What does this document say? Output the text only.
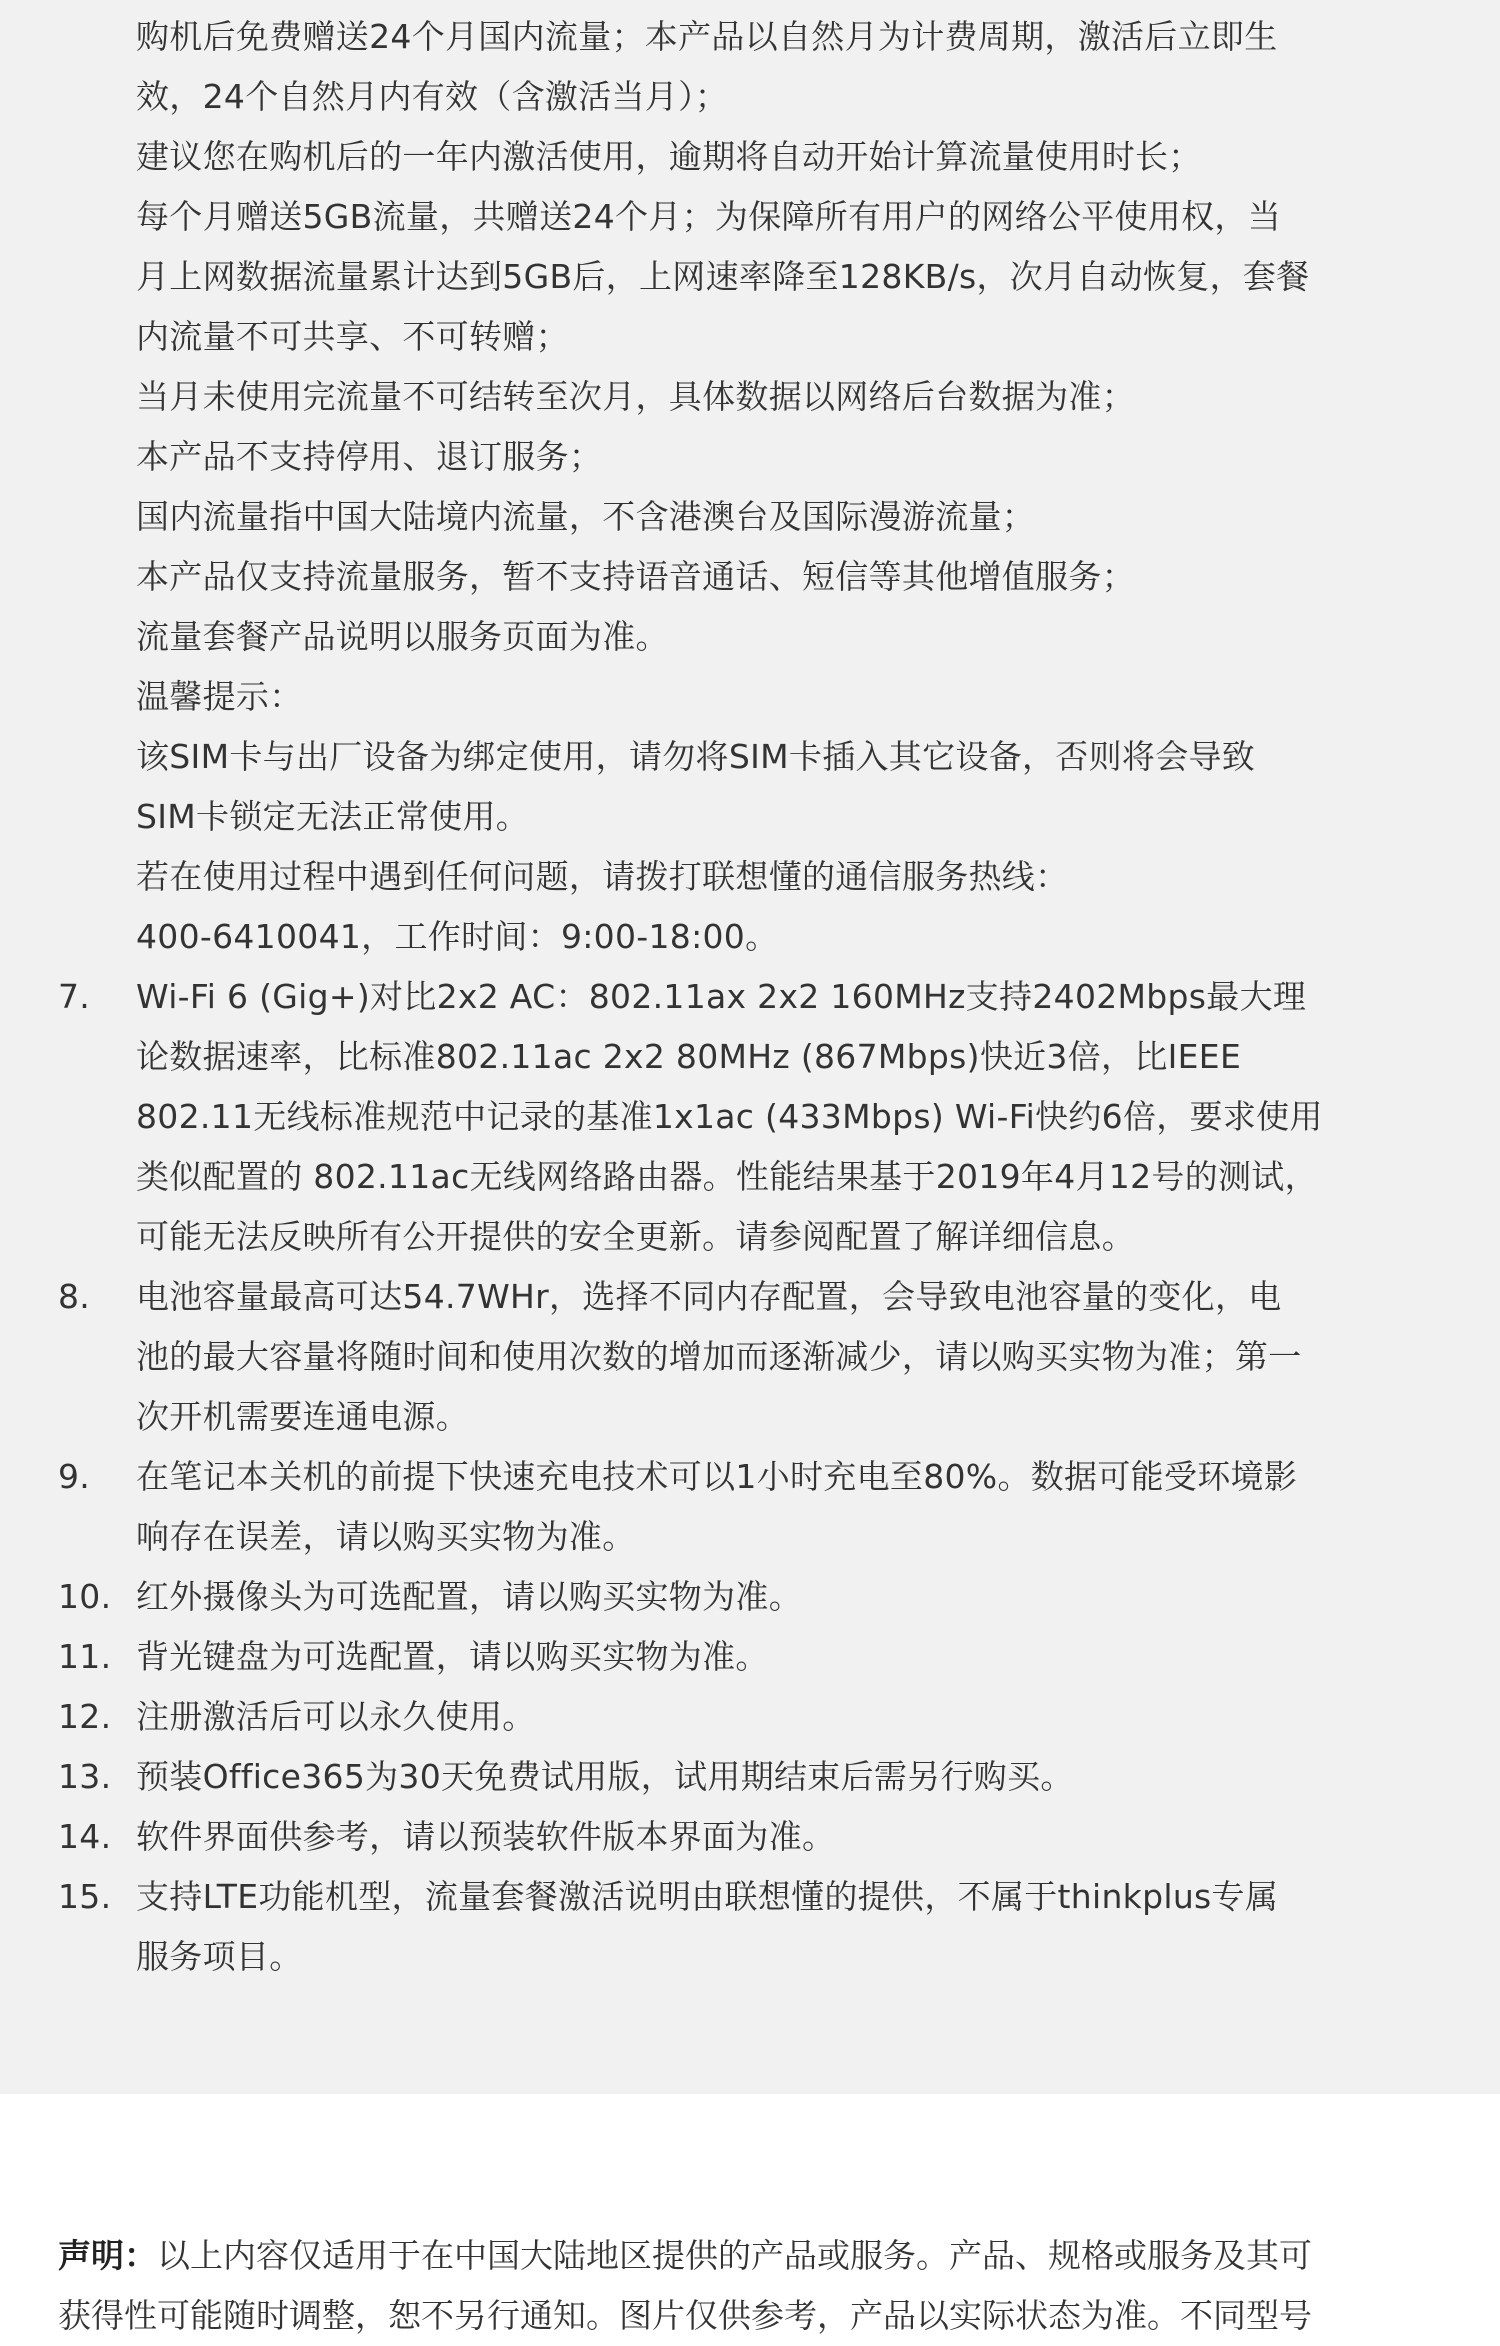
购机后免费赠送24个月国内流量；本产品以自然月为计费周期，激活后立即生
效，24个自然月内有效（含激活当月）；
建议您在购机后的一年内激活使用，逾期将自动开始计算流量使用时长；
每个月赠送5GB流量，共赠送24个月；为保障所有用户的网络公平使用权，当
月上网数据流量累计达到5GB后，上网速率降至128KB/s，次月自动恢复，套餐
内流量不可共享、不可转赠；
当月未使用完流量不可结转至次月，具体数据以网络后台数据为准；
本产品不支持停用、退订服务；
国内流量指中国大陆境内流量，不含港澳台及国际漫游流量；
本产品仅支持流量服务，暂不支持语音通话、短信等其他增值服务；
流量套餐产品说明以服务页面为准。
温馨提示：
该SIM卡与出厂设备为绑定使用，请勿将SIM卡插入其它设备，否则将会导致
SIM卡锁定无法正常使用。
若在使用过程中遇到任何问题，请拨打联想懂的通信服务热线：
400-6410041，工作时间：9:00-18:00。
7. Wi-Fi 6 (Gig+)对比2x2 AC：802.11ax 2x2 160MHz支持2402Mbps最大理
论数据速率，比标准802.11ac 2x2 80MHz (867Mbps)快近3倍，比IEEE
802.11无线标准规范中记录的基准1x1ac (433Mbps) Wi-Fi快约6倍，要求使用
类似配置的 802.11ac无线网络路由器。性能结果基于2019年4月12号的测试，
可能无法反映所有公开提供的安全更新。请参阅配置了解详细信息。
8. 电池容量最高可达54.7WHr，选择不同内存配置，会导致电池容量的变化，电
池的最大容量将随时间和使用次数的增加而逐渐减少，请以购买实物为准；第一
次开机需要连通电源。
9. 在笔记本关机的前提下快速充电技术可以1小时充电至80%。数据可能受环境影
响存在误差，请以购买实物为准。
10. 红外摄像头为可选配置，请以购买实物为准。
11. 背光键盘为可选配置，请以购买实物为准。
12. 注册激活后可以永久使用。
13. 预装Office365为30天免费试用版，试用期结束后需另行购买。
14. 软件界面供参考，请以预装软件版本界面为准。
15. 支持LTE功能机型，流量套餐激活说明由联想懂的提供，不属于thinkplus专属
服务项目。
声明：以上内容仅适用于在中国大陆地区提供的产品或服务。产品、规格或服务及其可
获得性可能随时调整，恕不另行通知。图片仅供参考，产品以实际状态为准。不同型号
